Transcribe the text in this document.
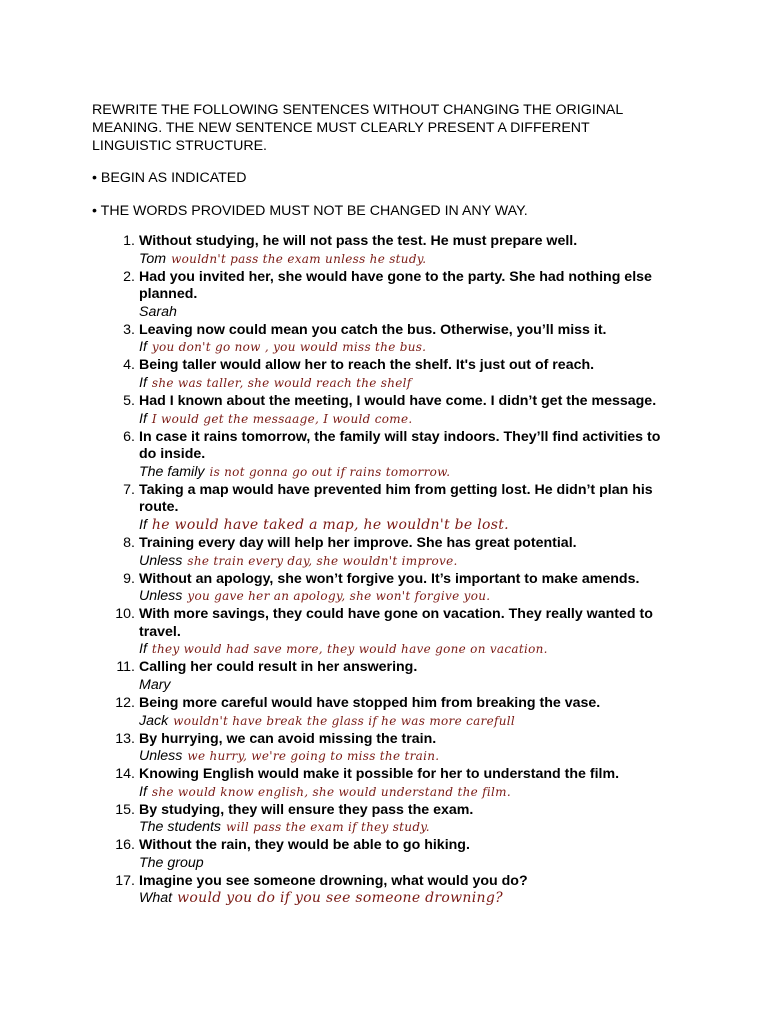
REWRITE THE FOLLOWING SENTENCES WITHOUT CHANGING THE ORIGINAL MEANING. THE NEW SENTENCE MUST CLEARLY PRESENT A DIFFERENT LINGUISTIC STRUCTURE.

• BEGIN AS INDICATED

• THE WORDS PROVIDED MUST NOT BE CHANGED IN ANY WAY.

1 . Without studying, he will not pass the test. He must prepare well.
Tom wouldn't pass the exam unless he study.
2 . Had you invited her, she would have gone to the party. She had nothing else planned.
Sarah
3 . Leaving now could mean you catch the bus. Otherwise, you’ll miss it.
If you don't go now , you would miss the bus.
4 . Being taller would allow her to reach the shelf. It's just out of reach.
If she was taller, she would reach the shelf
5 . Had I known about the meeting, I would have come. I didn’t get the message.
If I would get the messaage, I would come.
6 . In case it rains tomorrow, the family will stay indoors. They’ll find activities to do inside.
The family is not gonna go out if rains tomorrow.
7 . Taking a map would have prevented him from getting lost. He didn’t plan his route.
If he would have taked a map, he wouldn't be lost.
8 . Training every day will help her improve. She has great potential.
Unless she train every day, she wouldn't improve.
9 . Without an apology, she won’t forgive you. It’s important to make amends.
Unless you gave her an apology, she won't forgive you.
10 . With more savings, they could have gone on vacation. They really wanted to travel.
If they would had save more, they would have gone on vacation.
11 . Calling her could result in her answering.
Mary
12 . Being more careful would have stopped him from breaking the vase.
Jack wouldn't have break the glass if he was more carefull
13 . By hurrying, we can avoid missing the train.
Unless we hurry, we're going to miss the train.
14 . Knowing English would make it possible for her to understand the film.
If she would know english, she would understand the film.
15 . By studying, they will ensure they pass the exam.
The students will pass the exam if they study.
16 . Without the rain, they would be able to go hiking.
The group
17 . Imagine you see someone drowning, what would you do?
What would you do if you see someone drowning?
